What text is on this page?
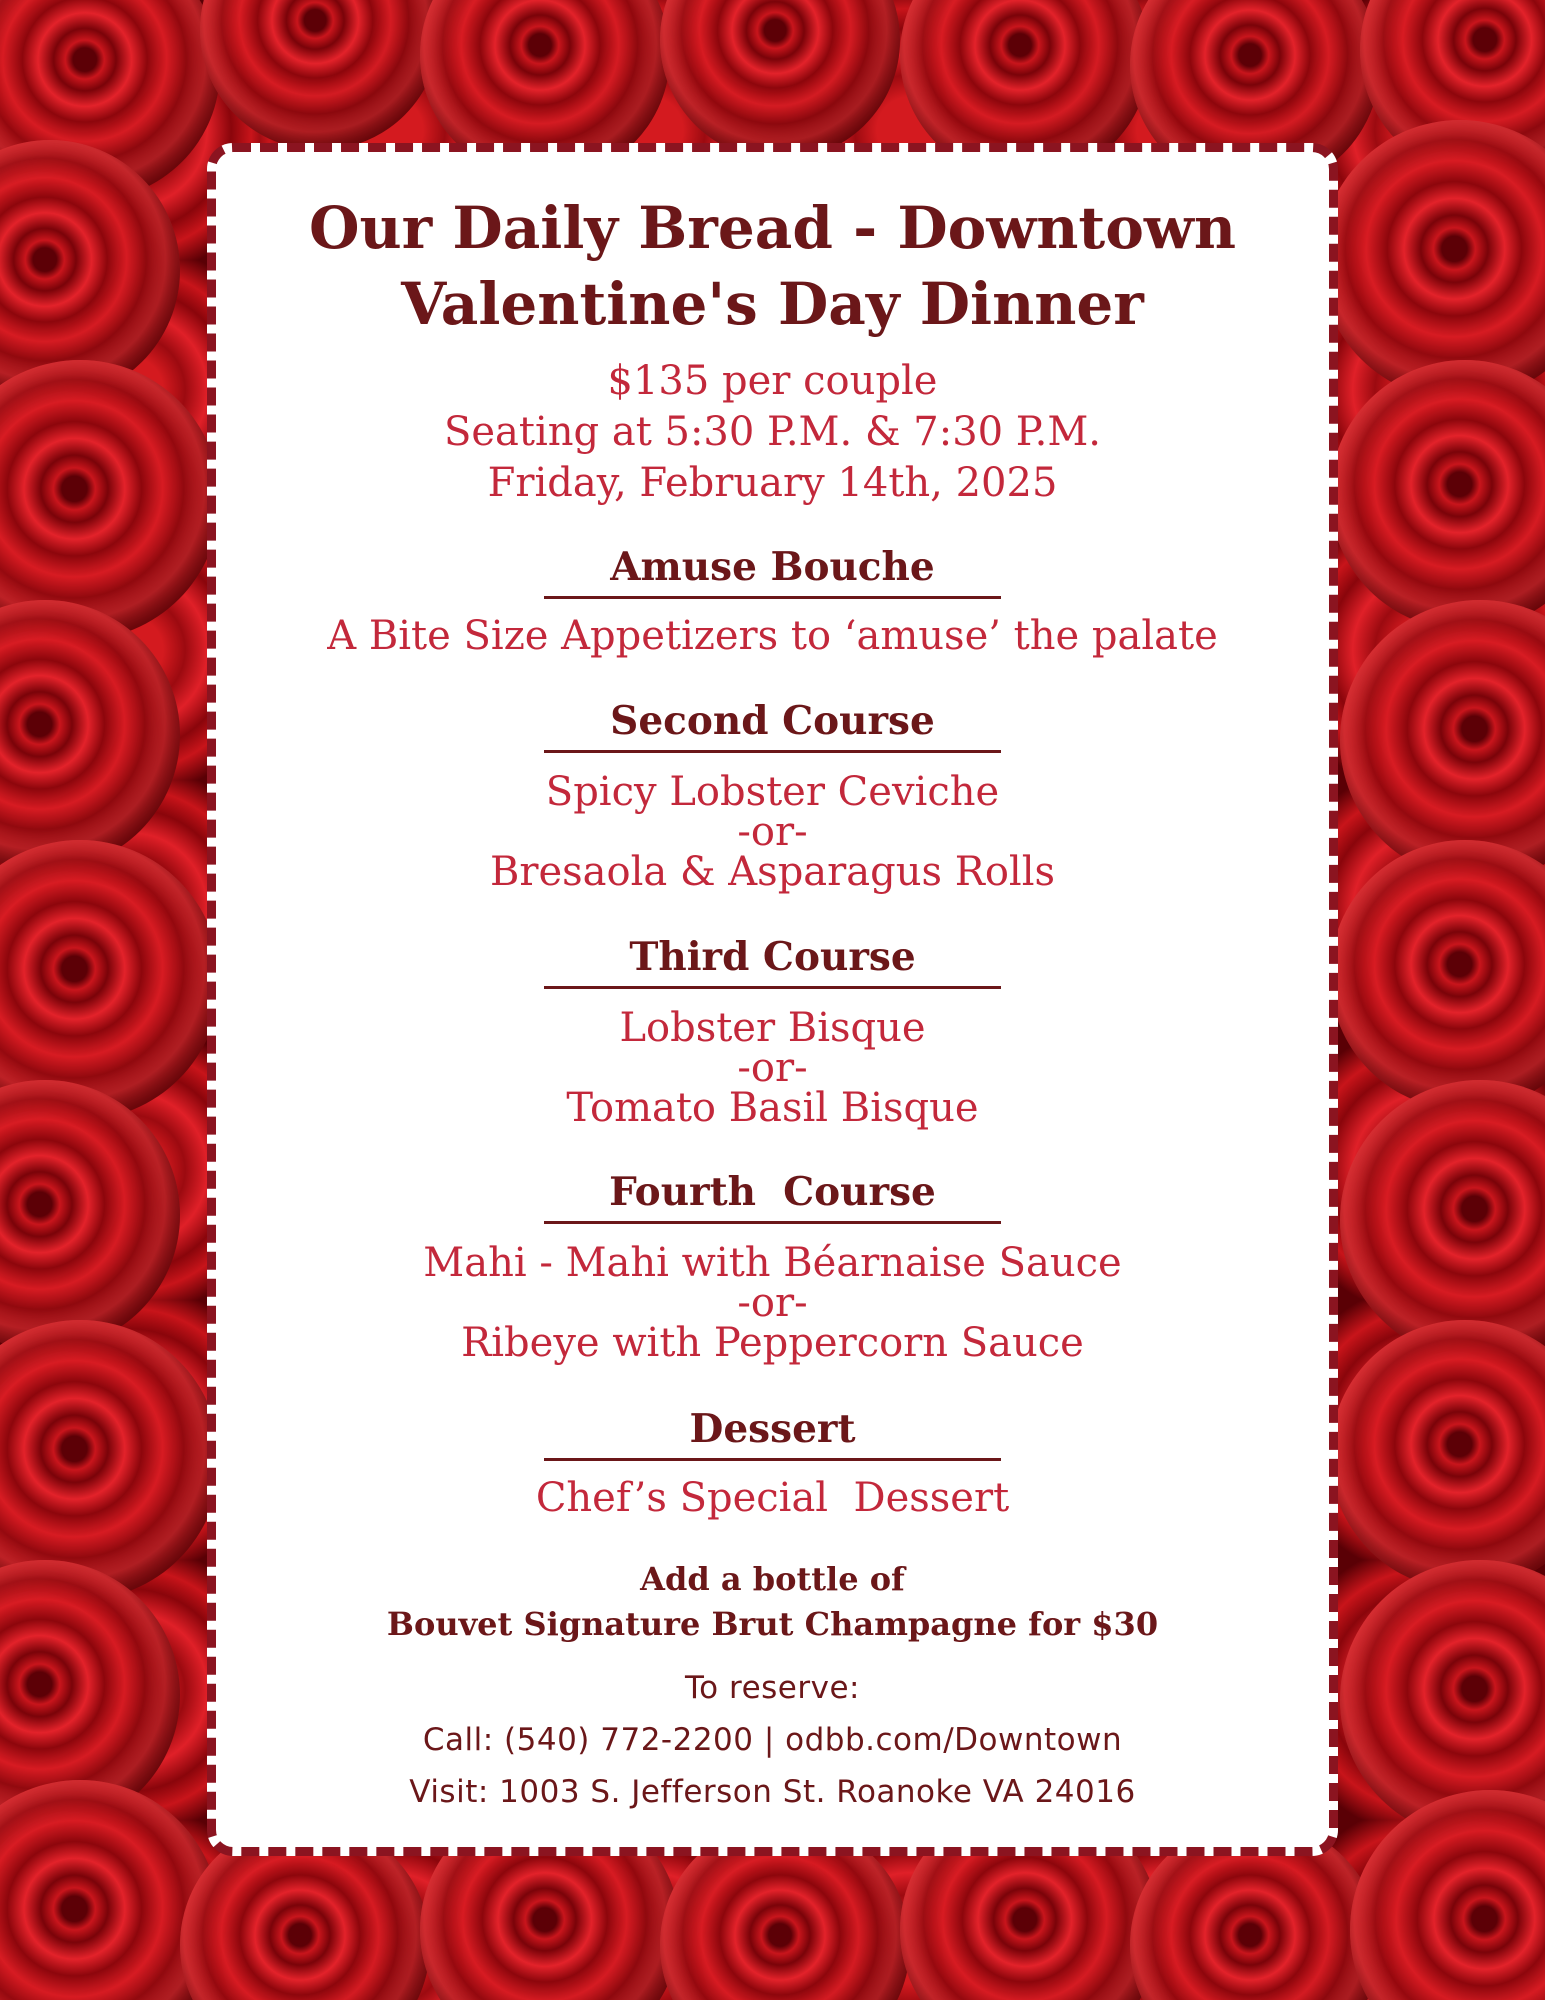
Our Daily Bread - Downtown
Valentine's Day Dinner
$135 per couple
Seating at 5:30 P.M. & 7:30 P.M.
Friday, February 14th, 2025
Amuse Bouche
A Bite Size Appetizers to ‘amuse’ the palate
Second Course
Spicy Lobster Ceviche
-or-
Bresaola & Asparagus Rolls
Third Course
Lobster Bisque
-or-
Tomato Basil Bisque
Fourth  Course
Mahi - Mahi with Béarnaise Sauce
-or-
Ribeye with Peppercorn Sauce
Dessert
Chef’s Special  Dessert
Add a bottle of
Bouvet Signature Brut Champagne for $30
To reserve:
Call: (540) 772-2200 | odbb.com/Downtown
Visit: 1003 S. Jefferson St. Roanoke VA 24016
